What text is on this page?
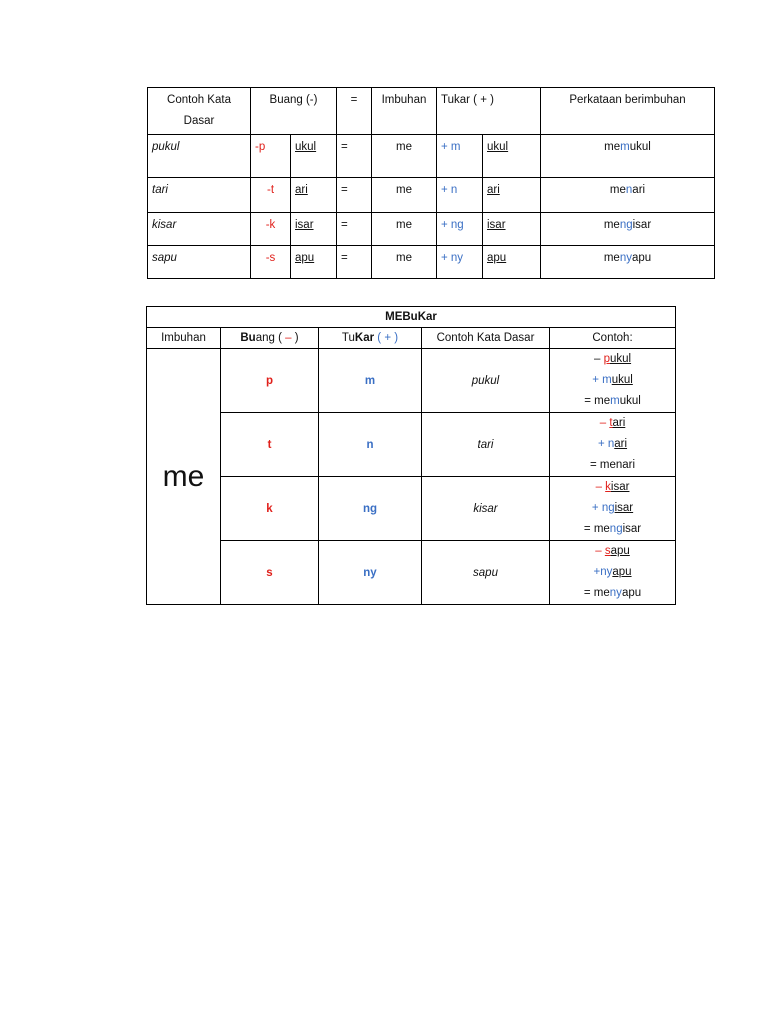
Contoh Kata Dasar	Buang (-)		=	Imbuhan	Tukar ( + )		Perkataan berimbuhan
pukul	-p	ukul	=	me	+ m	ukul	memukul
tari	-t	ari	=	me	+ n	ari	menari
kisar	-k	isar	=	me	+ ng	isar	mengisar
sapu	-s	apu	=	me	+ ny	apu	menyapu
MEBuKar				
Imbuhan	Buang ( – )	TuKar ( + )	Contoh Kata Dasar	Contoh:
me	p	m	pukul	– pukul
+ mukul
= memukul

	t	n	tari	– tari
+ nari
= menari

	k	ng	kisar	– kisar
+ ngisar
= mengisar

	s	ny	sapu	– sapu
+nyapu
= menyapu
